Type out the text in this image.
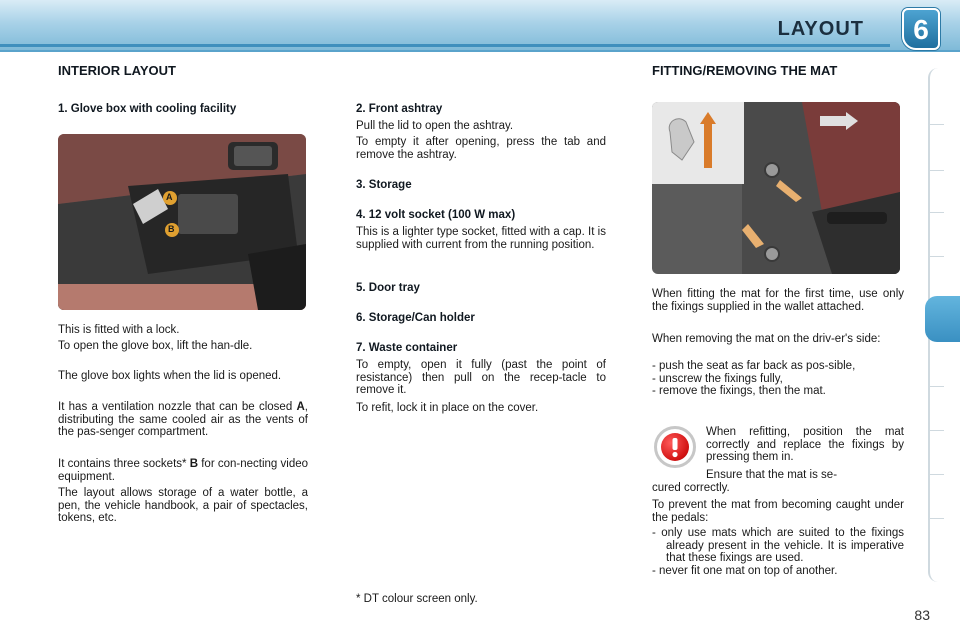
LAYOUT	6
INTERIOR LAYOUT
1. Glove box with cooling facility
A
B
This is fitted with a lock.
To open the glove box, lift the han-dle.
The glove box lights when the lid is opened.
It has a ventilation nozzle that can be closed A, distributing the same cooled air as the vents of the pas-senger compartment.
It contains three sockets* B for con-necting video equipment.
The layout allows storage of a water bottle, a pen, the vehicle handbook, a pair of spectacles, tokens, etc.
2. Front ashtray
Pull the lid to open the ashtray.
To empty it after opening, press the tab and remove the ashtray.
3. Storage
4. 12 volt socket (100 W max)
This is a lighter type socket, fitted with a cap. It is supplied with current from the running position.
5. Door tray
6. Storage/Can holder
7. Waste container
To empty, open it fully (past the point of resistance) then pull on the recep-tacle to remove it.
To refit, lock it in place on the cover.
* DT colour screen only.
FITTING/REMOVING THE MAT
When fitting the mat for the first time, use only the fixings supplied in the wallet attached.
When removing the mat on the driv-er's side:
- push the seat as far back as pos-sible,
- unscrew the fixings fully,
- remove the fixings, then the mat.
When refitting, position the mat correctly and replace the fixings by pressing them in.
Ensure that the mat is se-
cured correctly.
To prevent the mat from becoming caught under the pedals:
- only use mats which are suited to the fixings already present in the vehicle. It is imperative that these fixings are used.
- never fit one mat on top of another.
83
